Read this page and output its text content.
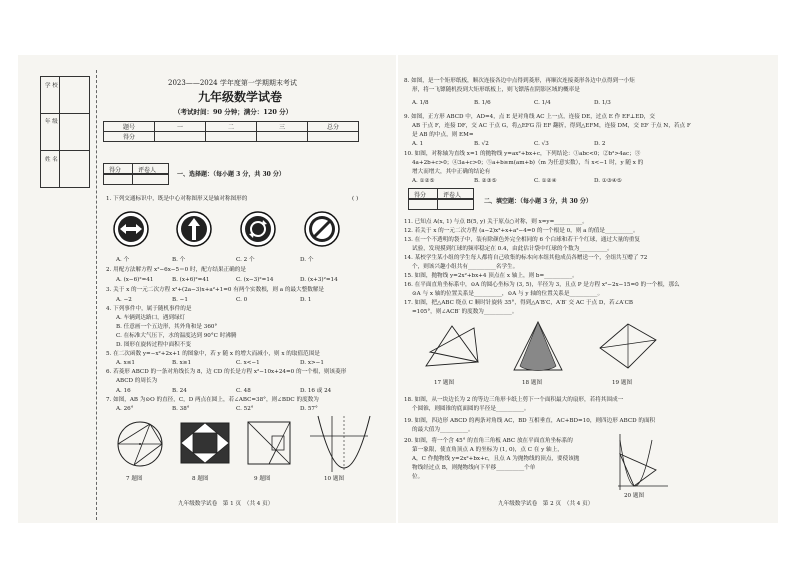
学 校
年 级
姓 名
2023——2024 学年度第一学期期末考试
九年级数学试卷
（考试时间：90 分钟；满分：120 分）
题号	一	二	三	总分
得分				
得分	评卷人
一、选择题：（每小题 3 分，共 30 分）
1. 下列交通标识中，既是中心对称图形又是轴对称图形的	( )
A. 个	B. 个	C. 2 个	D. 个
2. 用配方法解方程 x²−6x−5＝0 时，配方结果正确的是
A. (x−6)²=41	B. (x+6)²=41	C. (x−3)²=14	D. (x+3)²=14
3. 关于 x 的一元二次方程 x²+(2a−3)x+a²+1=0 有两个实数根，则 a 的最大整数解是
A. −2	B. −1	C. 0	D. 1
4. 下列事件中，属于随机事件的是
A. 车辆到达路口，遇到绿灯
B. 任意画一个五边形，其外角和是 360°
C. 在标准大气压下，水的温度达到 90°C 时沸腾
D. 图形在旋转过程中面积不变
5. 在二次函数 y=−x²+2x+1 的图象中，若 y 随 x 的增大而减小，则 x 的取值范围是
A. x≤1	B. x≥1	C. x<−1	D. x>−1
6. 若菱形 ABCD 的一条对角线长为 8，边 CD 的长是方程 x²−10x+24=0 的一个根，则该菱形
ABCD 的周长为
A. 16	B. 24	C. 48	D. 16 或 24
7. 如图，AB 为⊙O 的直径，C，D 两点在圆上，若∠ABC=38°，则∠BDC 的度数为
A. 26°	B. 38°	C. 52°	D. 57°
7 题图	8 题图	9 题图	10 题图
九年级数学试卷　第 1 页　（共 4 页）
8. 如图，是一个矩形纸板，顺次连接各边中点得到菱形，再顺次连接菱形各边中点得到一小矩
形，将一飞镖随机投到大矩形纸板上，则飞镖落在阴影区域的概率是
A. 1/8	B. 1/6	C. 1/4	D. 1/3
9. 如图，正方形 ABCD 中，AD=4，点 E 是对角线 AC 上一点，连接 DE，过点 E 作 EF⊥ED，交
AB 于点 F，连接 DF，交 AC 于点 G，将△EFG 沿 EF 翻折，得到△EFM，连接 DM，交 EF 于点 N，若点 F
是 AB 的中点，则 EM=
A. 1	B. √2	C. √3	D. 2
10. 如图，对称轴为直线 x=1 的抛物线 y=ax²+bx+c，下列结论：①abc<0；②b²>4ac；③
4a+2b+c>0；④3a+c>0；⑤a+b≥m(am+b)（m 为任意实数），当 x<−1 时，y 随 x 的
增大而增大，其中正确的结论有
A. ①②⑤	B. ②③⑤	C. ①②④	D. ①③④⑤
得分	评卷人
二、填空题：（每小题 3 分，共 30 分）
11. 已知点 A(x, 1) 与点 B(5, y) 关于原点○对称，则 x=y=__________。
12. 若关于 x 的一元二次方程 (a−2)x²+x+a²−4=0 的一个根是 0，则 a 的值是__________。
13. 在一个不透明的袋子中，装有除颜色外完全相同的 6 个白球和若干个红球，通过大量的重复
试验，发现摸到红球的频率稳定在 0.4，由此估计袋中红球的个数为__________。
14. 某校学生某小组的学生每人都将自己收集的标本向本组其他成员各赠送一个，全组共互赠了 72
个，则该兴趣小组共有__________名学生。
15. 如图，抛物线 y=2x²+bx+4 顶点在 x 轴上，则 b=__________。
16. 在平面直角坐标系中，⊙A 的圆心坐标为 (3, 5)，半径为 3，且点 P 是方程 x²−2x−15=0 的一个根，那么
⊙A 与 x 轴的位置关系是__________，⊙A 与 y 轴的位置关系是__________。
17. 如图，把△ABC 绕点 C 顺时针旋转 35°，得到△A′B′C，A′B′ 交 AC 于点 D，若∠A′CB
=105°，则∠ACB′ 的度数为__________。
17 题图	18 题图	19 题图
18. 如图，从一块边长为 2 的等边三角形卡纸上剪下一个面积最大的扇形，若将其围成一
个圆锥，则圆锥的底面圆的半径是__________。
19. 如图，四边形 ABCD 的两条对角线 AC，BD 互相垂直，AC+BD=10，则四边形 ABCD 的面积
的最大值为__________。
20. 如图，将一个含 45° 的直角三角板 ABC 放在平面直角坐标系的
第一象限，使直角顶点 A 的坐标为 (1, 0)，点 C 在 y 轴上，
A，C 作抛物线 y=2x²+bx+c，且点 A 为抛物线的顶点，要使该抛
物线经过点 B，则抛物线向下平移__________个单
位。
20 题图
九年级数学试卷　第 2 页　（共 4 页）
